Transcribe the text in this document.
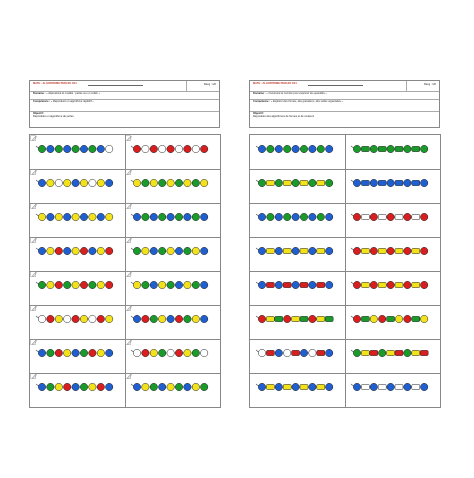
MATH - ALGORITHME PERLES CE1	Rang : /20
Domaine : « Reproduire le modèle : perles sur un collier »
Compétence : « Reproduire un algorithme répétitif »
Objectif :
Reproduire un algorithme de perles
MATH - ALGORITHME PERLES CE1	Rang : /20
Domaine : « Construire le nombre pour exprimer les quantités »
Compétence : « Explorer des formes, des grandeurs, des suites organisées »
Objectif :
Reproduire des algorithmes de formes et de couleurs
